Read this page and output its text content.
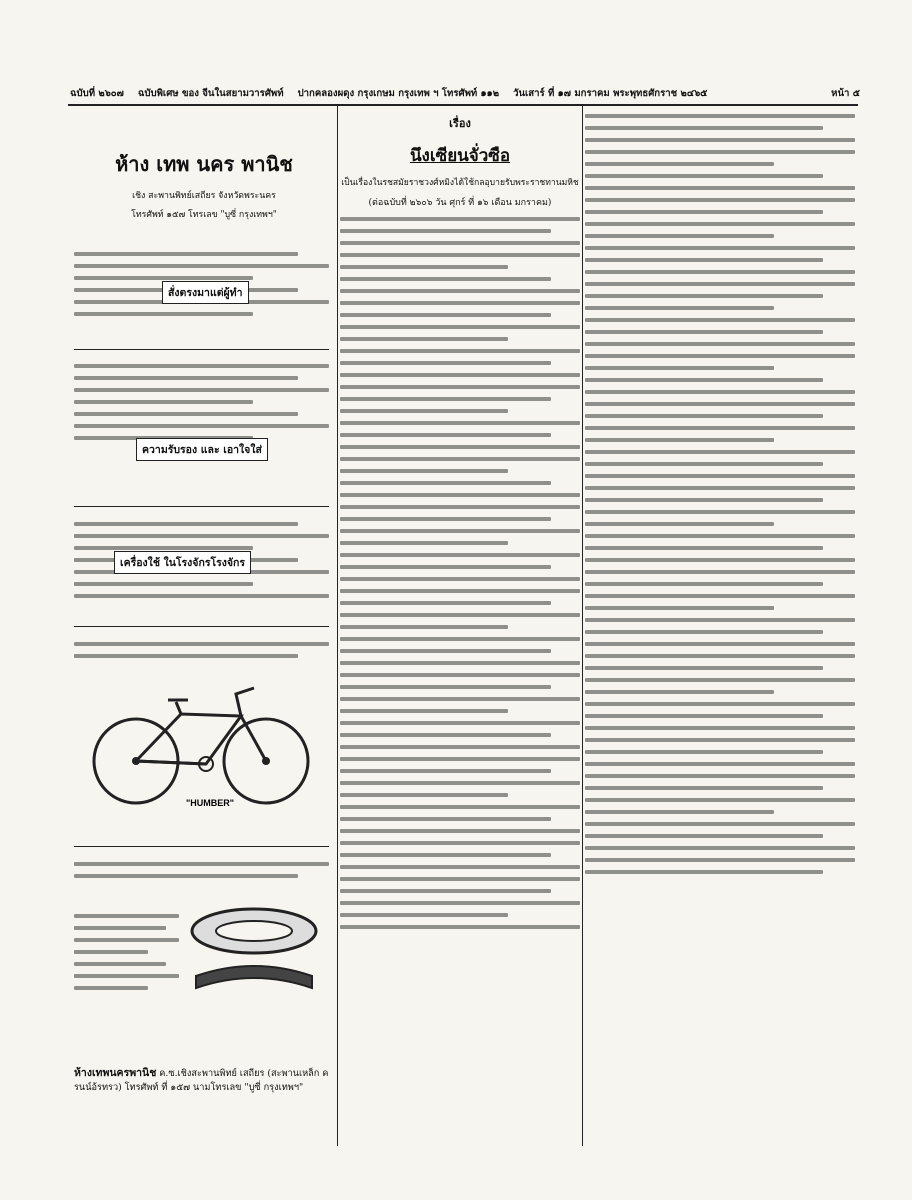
ฉบับที่ ๒๖๐๗ ฉบับพิเศษ ของ จีนในสยามวารศัพท์ ปากคลองผดุง กรุงเกษม กรุงเทพ ฯ โทรศัพท์ ๑๑๒ วันเสาร์ ที่ ๑๗ มกราคม พระพุทธศักราช ๒๔๖๕	หน้า ๕
ห้าง เทพ นคร พานิช
เชิง สะพานพิทย์เสถียร จังหวัดพระนคร
โทรศัพท์ ๑๕๗ โทรเลข "บูซี่ กรุงเทพฯ"
สั่งตรงมาแต่ผู้ทำ
ความรับรอง และ เอาใจใส่
เครื่องใช้ ในโรงจักรโรงจักร
"HUMBER"
ห้างเทพนครพานิช ค.ซ.เชิงสะพานพิทย์ เสถียร (สะพานเหล็ก ครนน์อ้รทรว) โทรศัพท์ ที่ ๑๕๗ นามโทรเลข "บูซี่ กรุงเทพฯ"
เรื่อง
นึงเซียนจั่วซือ
เป็นเรื่องในรชสมัยราชวงศ์หมิงได้ใช้กลอุบายรับพระราชทานมหิช
(ต่อฉบับที่ ๒๖๐๖ วัน ศุกร์ ที่ ๑๖ เดือน มกราคม)
